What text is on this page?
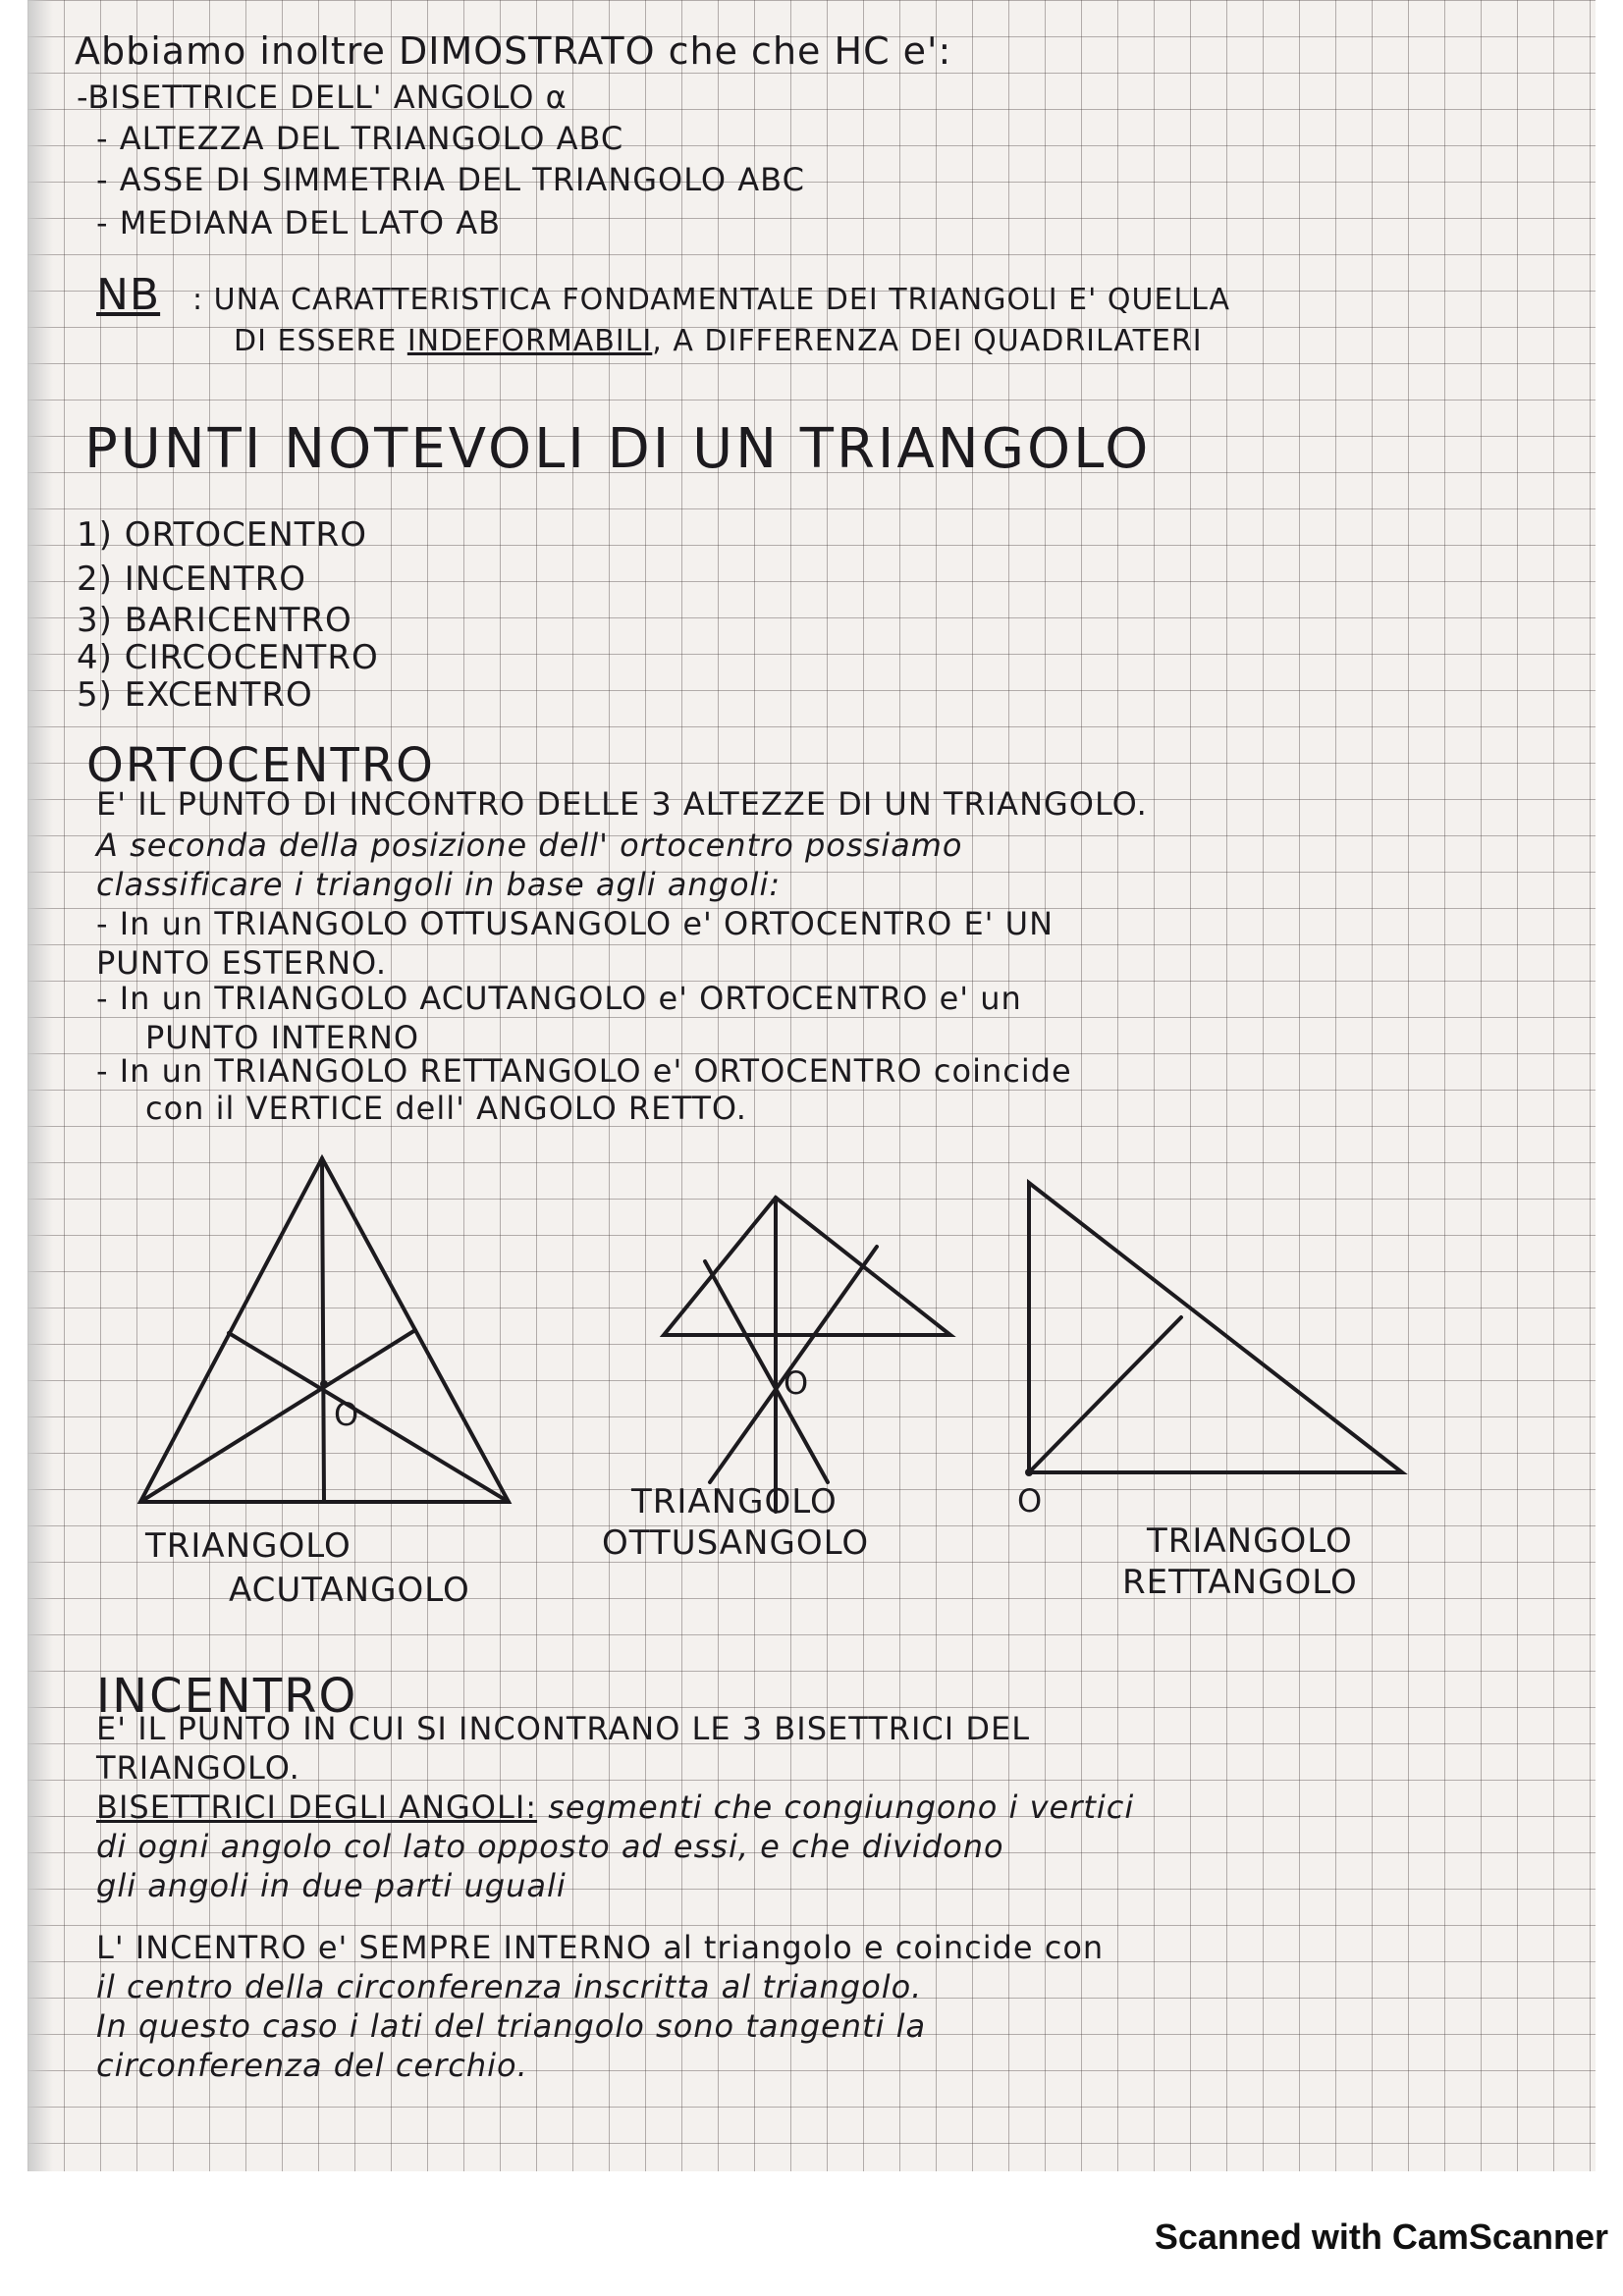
Abbiamo inoltre DIMOSTRATO che che HC e':
-BISETTRICE DELL' ANGOLO α
- ALTEZZA DEL TRIANGOLO ABC
- ASSE DI SIMMETRIA DEL TRIANGOLO ABC
- MEDIANA DEL LATO AB
NB : UNA CARATTERISTICA FONDAMENTALE DEI TRIANGOLI E' QUELLA
DI ESSERE INDEFORMABILI, A DIFFERENZA DEI QUADRILATERI
PUNTI NOTEVOLI DI UN TRIANGOLO
1) ORTOCENTRO
2) INCENTRO
3) BARICENTRO
4) CIRCOCENTRO
5) EXCENTRO
ORTOCENTRO
E' IL PUNTO DI INCONTRO DELLE 3 ALTEZZE DI UN TRIANGOLO.
A seconda della posizione dell' ortocentro possiamo
classificare i triangoli in base agli angoli:
- In un TRIANGOLO OTTUSANGOLO e' ORTOCENTRO E' UN
PUNTO ESTERNO.
- In un TRIANGOLO ACUTANGOLO e' ORTOCENTRO e' un
PUNTO INTERNO
- In un TRIANGOLO RETTANGOLO e' ORTOCENTRO coincide
con il VERTICE dell' ANGOLO RETTO.
O
O
O
TRIANGOLO
ACUTANGOLO
TRIANGOLO
OTTUSANGOLO	TRIANGOLO
RETTANGOLO
INCENTRO
E' IL PUNTO IN CUI SI INCONTRANO LE 3 BISETTRICI DEL
TRIANGOLO.
BISETTRICI DEGLI ANGOLI: segmenti che congiungono i vertici
di ogni angolo col lato opposto ad essi, e che dividono
gli angoli in due parti uguali
L' INCENTRO e' SEMPRE INTERNO al triangolo e coincide con
il centro della circonferenza inscritta al triangolo.
In questo caso i lati del triangolo sono tangenti la
circonferenza del cerchio.
Scanned with CamScanner
